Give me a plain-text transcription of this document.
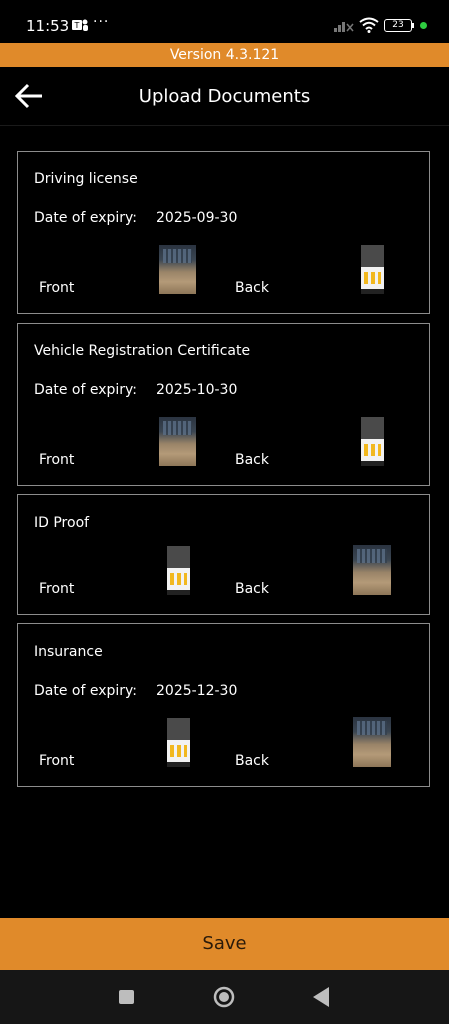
11:53 T ···	23
Version 4.3.121
Upload Documents
Driving license
Date of expiry: 2025-09-30
Front	Back
Vehicle Registration Certificate
Date of expiry: 2025-10-30
Front	Back
ID Proof
Front	Back
Insurance
Date of expiry: 2025-12-30
Front	Back
Save
